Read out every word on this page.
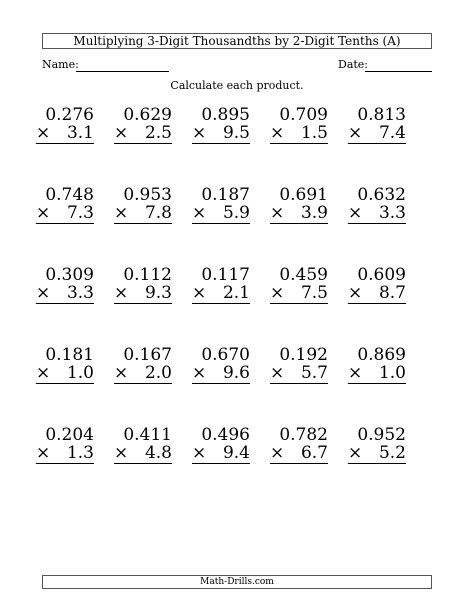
Multiplying 3-Digit Thousandths by 2-Digit Tenths (A)
Name:	Date:
Calculate each product.
0.276
× 3.1
0.629
× 2.5
0.895
× 9.5
0.709
× 1.5
0.813
× 7.4
0.748
× 7.3
0.953
× 7.8
0.187
× 5.9
0.691
× 3.9
0.632
× 3.3
0.309
× 3.3
0.112
× 9.3
0.117
× 2.1
0.459
× 7.5
0.609
× 8.7
0.181
× 1.0
0.167
× 2.0
0.670
× 9.6
0.192
× 5.7
0.869
× 1.0
0.204
× 1.3
0.411
× 4.8
0.496
× 9.4
0.782
× 6.7
0.952
× 5.2
Math-Drills.com
